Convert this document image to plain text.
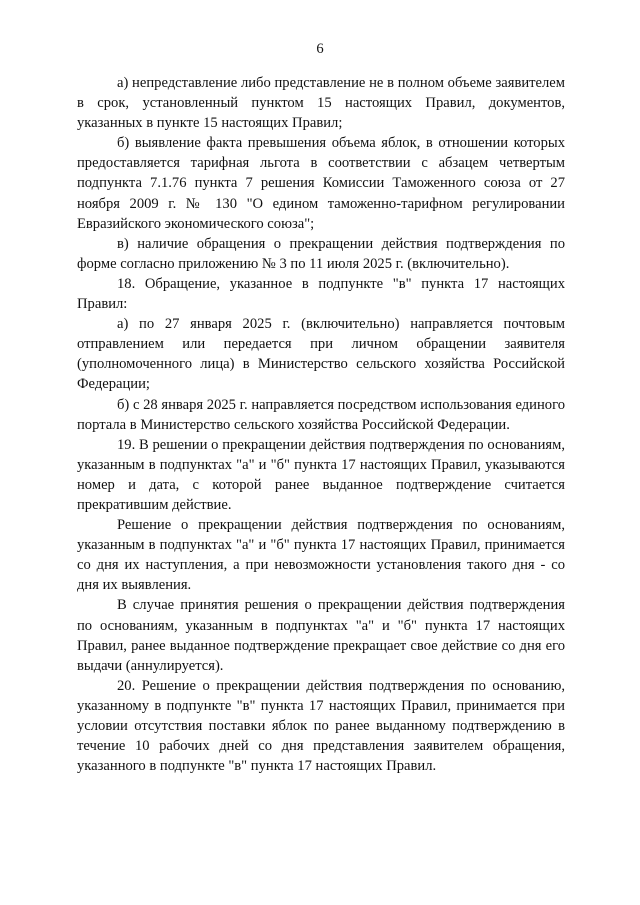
6

а) непредставление либо представление не в полном объеме заявителем в срок, установленный пунктом 15 настоящих Правил, документов, указанных в пункте 15 настоящих Правил;

б) выявление факта превышения объема яблок, в отношении которых предоставляется тарифная льгота в соответствии с абзацем четвертым подпункта 7.1.76 пункта 7 решения Комиссии Таможенного союза от 27 ноября 2009 г. № 130 "О едином таможенно-тарифном регулировании Евразийского экономического союза";

в) наличие обращения о прекращении действия подтверждения по форме согласно приложению № 3 по 11 июля 2025 г. (включительно).

18. Обращение, указанное в подпункте "в" пункта 17 настоящих Правил:

а) по 27 января 2025 г. (включительно) направляется почтовым отправлением или передается при личном обращении заявителя (уполномоченного лица) в Министерство сельского хозяйства Российской Федерации;

б) с 28 января 2025 г. направляется посредством использования единого портала в Министерство сельского хозяйства Российской Федерации.

19. В решении о прекращении действия подтверждения по основаниям, указанным в подпунктах "а" и "б" пункта 17 настоящих Правил, указываются номер и дата, с которой ранее выданное подтверждение считается прекратившим действие.

Решение о прекращении действия подтверждения по основаниям, указанным в подпунктах "а" и "б" пункта 17 настоящих Правил, принимается со дня их наступления, а при невозможности установления такого дня - со дня их выявления.

В случае принятия решения о прекращении действия подтверждения по основаниям, указанным в подпунктах "а" и "б" пункта 17 настоящих Правил, ранее выданное подтверждение прекращает свое действие со дня его выдачи (аннулируется).

20. Решение о прекращении действия подтверждения по основанию, указанному в подпункте "в" пункта 17 настоящих Правил, принимается при условии отсутствия поставки яблок по ранее выданному подтверждению в течение 10 рабочих дней со дня представления заявителем обращения, указанного в подпункте "в" пункта 17 настоящих Правил.
